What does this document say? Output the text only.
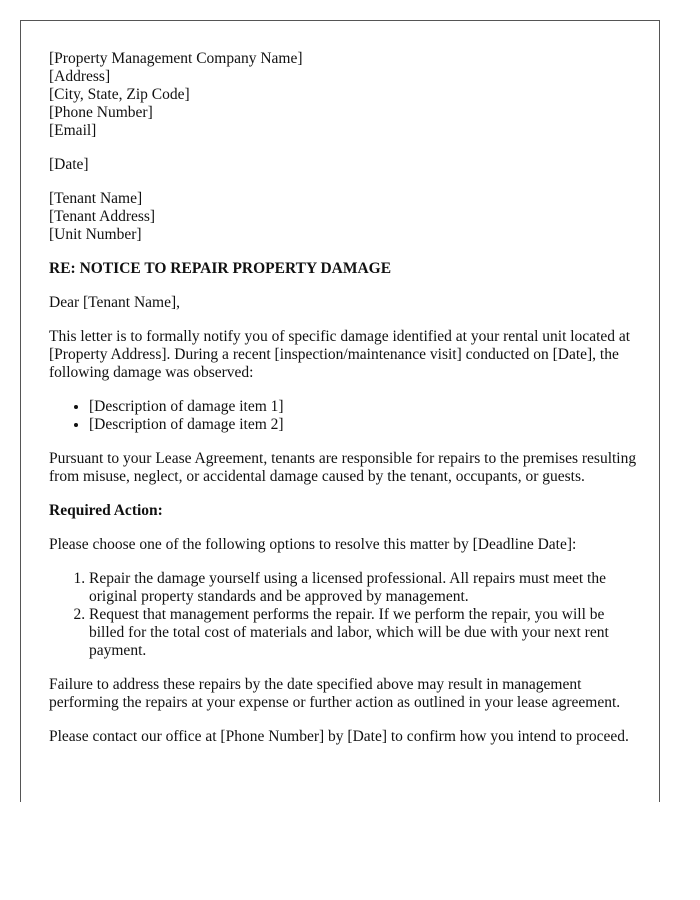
[Property Management Company Name]
[Address]
[City, State, Zip Code]
[Phone Number]
[Email]

[Date]

[Tenant Name]
[Tenant Address]
[Unit Number]
RE: NOTICE TO REPAIR PROPERTY DAMAGE

Dear [Tenant Name],

This letter is to formally notify you of specific damage identified at your rental unit located at [Property Address]. During a recent [inspection/maintenance visit] conducted on [Date], the following damage was observed:

• [Description of damage item 1]
• [Description of damage item 2]

Pursuant to your Lease Agreement, tenants are responsible for repairs to the premises resulting from misuse, neglect, or accidental damage caused by the tenant, occupants, or guests.

Required Action:

Please choose one of the following options to resolve this matter by [Deadline Date]:

1. Repair the damage yourself using a licensed professional. All repairs must meet the original property standards and be approved by management.
2. Request that management performs the repair. If we perform the repair, you will be billed for the total cost of materials and labor, which will be due with your next rent payment.

Failure to address these repairs by the date specified above may result in management performing the repairs at your expense or further action as outlined in your lease agreement.

Please contact our office at [Phone Number] by [Date] to confirm how you intend to proceed.
